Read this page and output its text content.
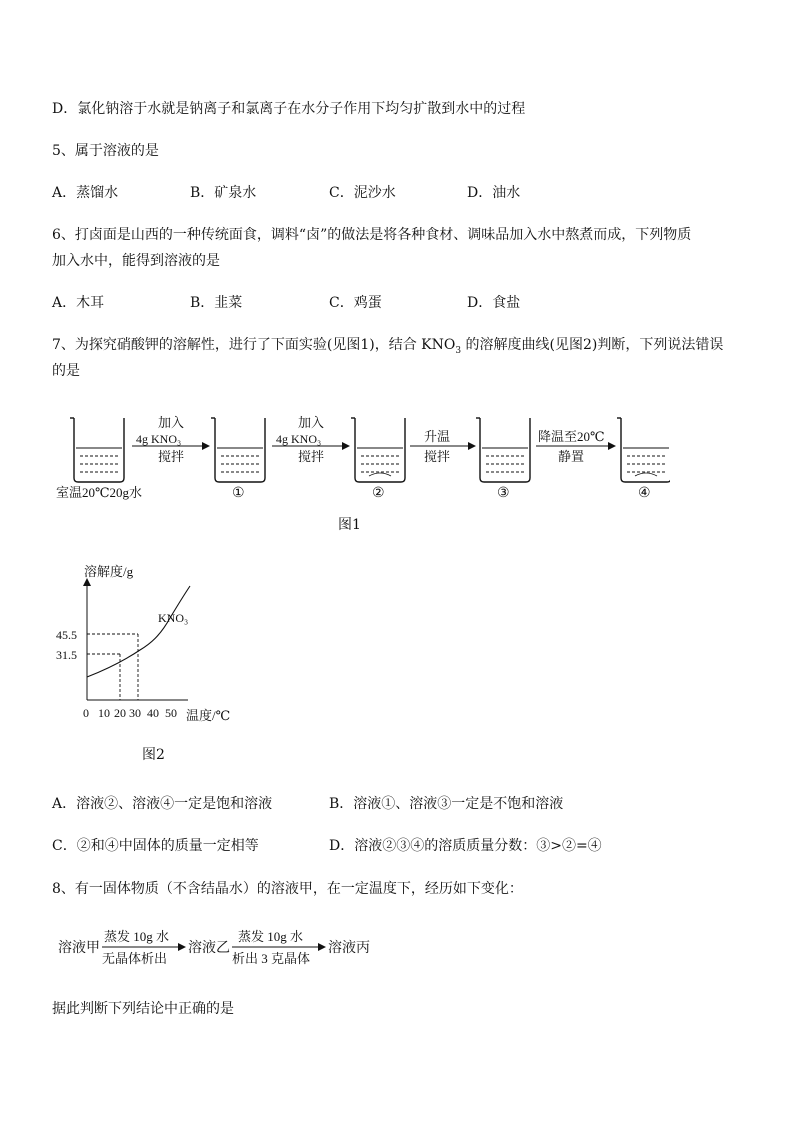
D．氯化钠溶于水就是钠离子和氯离子在水分子作用下均匀扩散到水中的过程
5、属于溶液的是
A．蒸馏水	B．矿泉水	C．泥沙水	D．油水
6、打卤面是山西的一种传统面食，调料“卤”的做法是将各种食材、调味品加入水中熬煮而成，下列物质
加入水中，能得到溶液的是
A．木耳	B．韭菜	C．鸡蛋	D．食盐
7、为探究硝酸钾的溶解性，进行了下面实验(见图1)，结合 $KNO_3$ 的溶解度曲线(见图2)判断，下列说法错误
的是
加入
4g KNO₃
搅拌
加入
4g KNO₃
搅拌
升温
搅拌
降温至20℃
静置
室温20℃20g水	①	②	③	④
图1
溶解度/g
KNO₃
45.5
31.5
0 10 20 30 40 50 温度/℃
图2
A．溶液②、溶液④一定是饱和溶液	B．溶液①、溶液③一定是不饱和溶液
C．②和④中固体的质量一定相等	D．溶液②③④的溶质质量分数：③>②=④
8、有一固体物质（不含结晶水）的溶液甲，在一定温度下，经历如下变化：
溶液甲
蒸发 10g 水
无晶体析出
溶液乙
蒸发 10g 水
析出 3 克晶体
溶液丙
据此判断下列结论中正确的是
